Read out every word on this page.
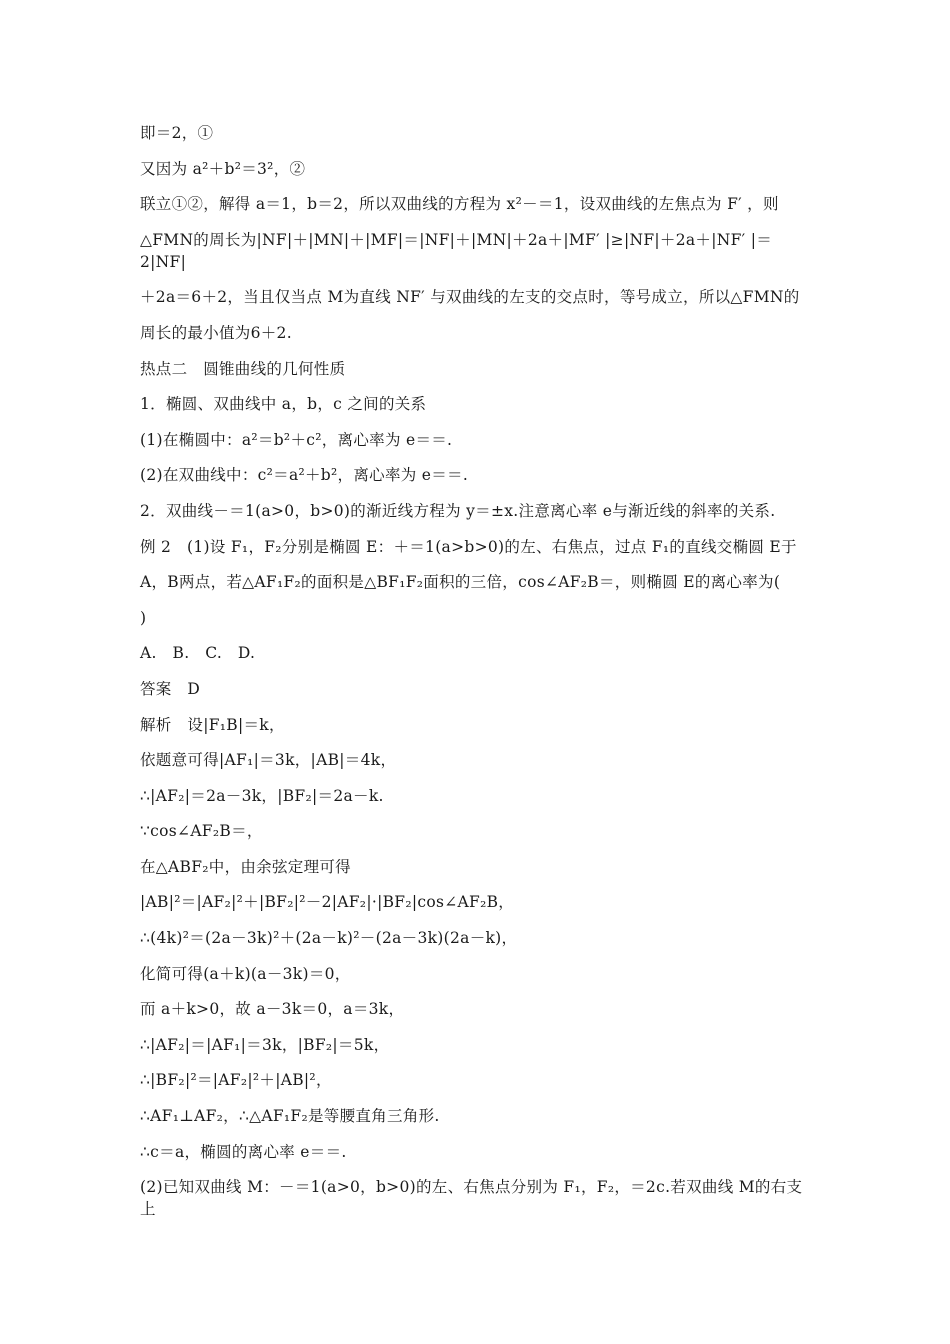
即＝2，①

又因为 a²＋b²＝3²，②

联立①②，解得 a＝1，b＝2，所以双曲线的方程为 x²－＝1，设双曲线的左焦点为 F′ ，则

△FMN的周长为|NF|＋|MN|＋|MF|＝|NF|＋|MN|＋2a＋|MF′ |≥|NF|＋2a＋|NF′ |＝2|NF|

＋2a＝6＋2，当且仅当点 M为直线 NF′ 与双曲线的左支的交点时，等号成立，所以△FMN的

周长的最小值为6＋2.

热点二　圆锥曲线的几何性质

1．椭圆、双曲线中 a，b，c 之间的关系

(1)在椭圆中：a²＝b²＋c²，离心率为 e＝＝.

(2)在双曲线中：c²＝a²＋b²，离心率为 e＝＝.

2．双曲线－＝1(a>0，b>0)的渐近线方程为 y＝±x.注意离心率 e与渐近线的斜率的关系.

例 2　(1)设 F₁，F₂分别是椭圆 E：＋＝1(a>b>0)的左、右焦点，过点 F₁的直线交椭圆 E于

A，B两点，若△AF₁F₂的面积是△BF₁F₂面积的三倍，cos∠AF₂B＝，则椭圆 E的离心率为(

)

A.　B.　C.　D.

答案　D

解析　设|F₁B|＝k，

依题意可得|AF₁|＝3k，|AB|＝4k，

∴|AF₂|＝2a－3k，|BF₂|＝2a－k.

∵cos∠AF₂B＝，

在△ABF₂中，由余弦定理可得

|AB|²＝|AF₂|²＋|BF₂|²－2|AF₂|·|BF₂|cos∠AF₂B，

∴(4k)²＝(2a－3k)²＋(2a－k)²－(2a－3k)(2a－k)，

化简可得(a＋k)(a－3k)＝0，

而 a＋k>0，故 a－3k＝0，a＝3k，

∴|AF₂|＝|AF₁|＝3k，|BF₂|＝5k，

∴|BF₂|²＝|AF₂|²＋|AB|²，

∴AF₁⊥AF₂，∴△AF₁F₂是等腰直角三角形.

∴c＝a，椭圆的离心率 e＝＝.

(2)已知双曲线 M：－＝1(a>0，b>0)的左、右焦点分别为 F₁，F₂，＝2c.若双曲线 M的右支上
